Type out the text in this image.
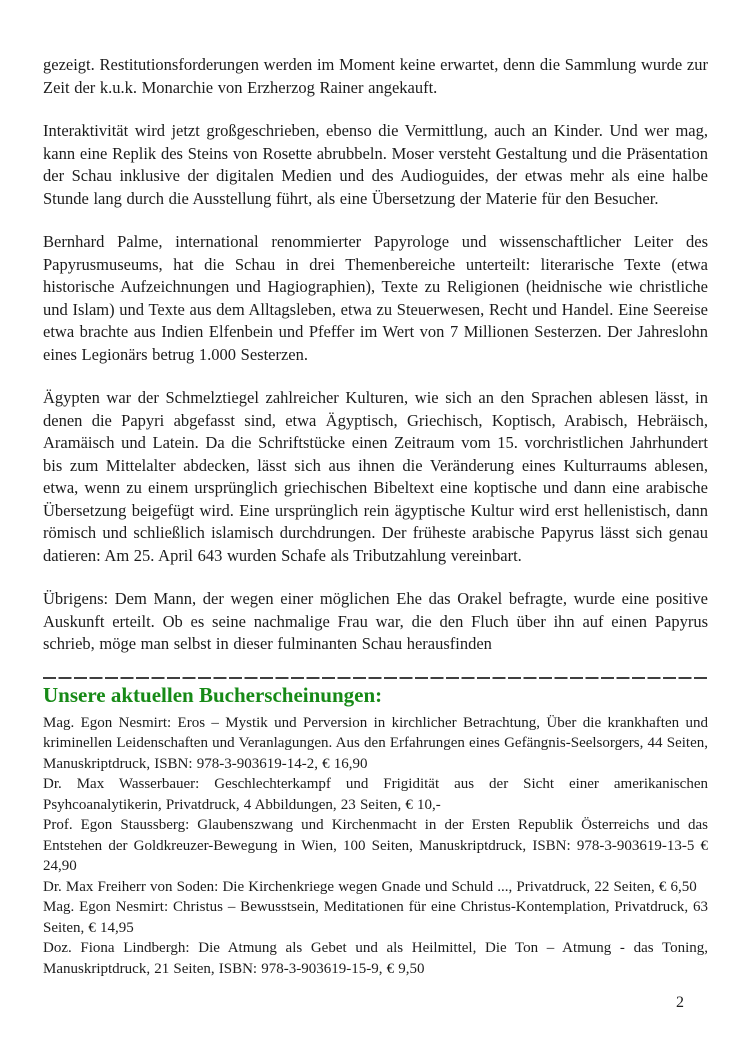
gezeigt. Restitutionsforderungen werden im Moment keine erwartet, denn die Sammlung wurde zur Zeit der k.u.k. Monarchie von Erzherzog Rainer angekauft.

Interaktivität wird jetzt großgeschrieben, ebenso die Vermittlung, auch an Kinder. Und wer mag, kann eine Replik des Steins von Rosette abrubbeln. Moser versteht Gestaltung und die Präsentation der Schau inklusive der digitalen Medien und des Audioguides, der etwas mehr als eine halbe Stunde lang durch die Ausstellung führt, als eine Übersetzung der Materie für den Besucher.

Bernhard Palme, international renommierter Papyrologe und wissenschaftlicher Leiter des Papyrusmuseums, hat die Schau in drei Themenbereiche unterteilt: literarische Texte (etwa historische Aufzeichnungen und Hagiographien), Texte zu Religionen (heidnische wie christliche und Islam) und Texte aus dem Alltagsleben, etwa zu Steuerwesen, Recht und Handel. Eine Seereise etwa brachte aus Indien Elfenbein und Pfeffer im Wert von 7 Millionen Sesterzen. Der Jahreslohn eines Legionärs betrug 1.000 Sesterzen.

Ägypten war der Schmelztiegel zahlreicher Kulturen, wie sich an den Sprachen ablesen lässt, in denen die Papyri abgefasst sind, etwa Ägyptisch, Griechisch, Koptisch, Arabisch, Hebräisch, Aramäisch und Latein. Da die Schriftstücke einen Zeitraum vom 15. vorchristlichen Jahrhundert bis zum Mittelalter abdecken, lässt sich aus ihnen die Veränderung eines Kulturraums ablesen, etwa, wenn zu einem ursprünglich griechischen Bibeltext eine koptische und dann eine arabische Übersetzung beigefügt wird. Eine ursprünglich rein ägyptische Kultur wird erst hellenistisch, dann römisch und schließlich islamisch durchdrungen. Der früheste arabische Papyrus lässt sich genau datieren: Am 25. April 643 wurden Schafe als Tributzahlung vereinbart.

Übrigens: Dem Mann, der wegen einer möglichen Ehe das Orakel befragte, wurde eine positive Auskunft erteilt. Ob es seine nachmalige Frau war, die den Fluch über ihn auf einen Papyrus schrieb, möge man selbst in dieser fulminanten Schau herausfinden

Unsere aktuellen Bucherscheinungen:

Mag. Egon Nesmirt: Eros – Mystik und Perversion in kirchlicher Betrachtung, Über die krankhaften und kriminellen Leidenschaften und Veranlagungen. Aus den Erfahrungen eines Gefängnis-Seelsorgers, 44 Seiten, Manuskriptdruck, ISBN: 978-3-903619-14-2, € 16,90

Dr. Max Wasserbauer: Geschlechterkampf und Frigidität aus der Sicht einer amerikanischen Psyhcoanalytikerin, Privatdruck, 4 Abbildungen, 23 Seiten, € 10,-

Prof. Egon Staussberg: Glaubenszwang und Kirchenmacht in der Ersten Republik Österreichs und das Entstehen der Goldkreuzer-Bewegung in Wien, 100 Seiten, Manuskriptdruck, ISBN: 978-3-903619-13-5 € 24,90

Dr. Max Freiherr von Soden: Die Kirchenkriege wegen Gnade und Schuld ..., Privatdruck, 22 Seiten, € 6,50

Mag. Egon Nesmirt: Christus – Bewusstsein, Meditationen für eine Christus-Kontemplation, Privatdruck, 63 Seiten, € 14,95

Doz. Fiona Lindbergh: Die Atmung als Gebet und als Heilmittel, Die Ton – Atmung - das Toning, Manuskriptdruck, 21 Seiten, ISBN: 978-3-903619-15-9, € 9,50

2
